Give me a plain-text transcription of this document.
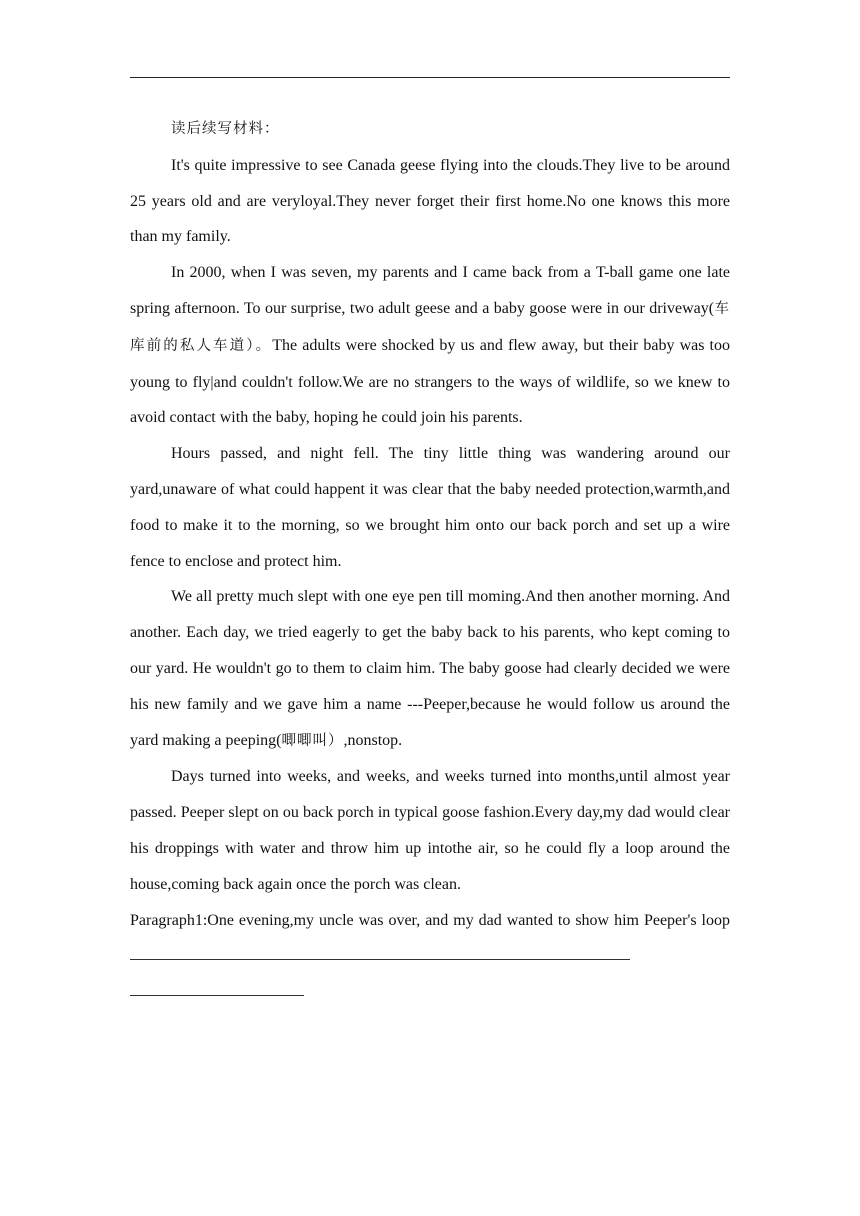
读后续写材料：

It's quite impressive to see Canada geese flying into the clouds.They live to be around 25 years old and are veryloyal.They never forget their first home.No one knows this more than my family.

In 2000, when I was seven, my parents and I came back from a T-ball game one late spring afternoon. To our surprise, two adult geese and a baby goose were in our driveway(车库前的私人车道）。The adults were shocked by us and flew away, but their baby was too young to fly|and couldn't follow.We are no strangers to the ways of wildlife, so we knew to avoid contact with the baby, hoping he could join his parents.

Hours passed, and night fell. The tiny little thing was wandering around our yard,unaware of what could happent it was clear that the baby needed protection,warmth,and food to make it to the morning, so we brought him onto our back porch and set up a wire fence to enclose and protect him.

We all pretty much slept with one eye pen till moming.And then another morning. And another. Each day, we tried eagerly to get the baby back to his parents, who kept coming to our yard. He wouldn't go to them to claim him. The baby goose had clearly decided we were his new family and we gave him a name ---Peeper,because he would follow us around the yard making a peeping(唧唧叫）,nonstop.

Days turned into weeks, and weeks, and weeks turned into months,until almost year passed. Peeper slept on ou back porch in typical goose fashion.Every day,my dad would clear his droppings with water and throw him up intothe air, so he could fly a loop around the house,coming back again once the porch was clean.

Paragraph1:One evening,my uncle was over, and my dad wanted to show him Peeper's loop
